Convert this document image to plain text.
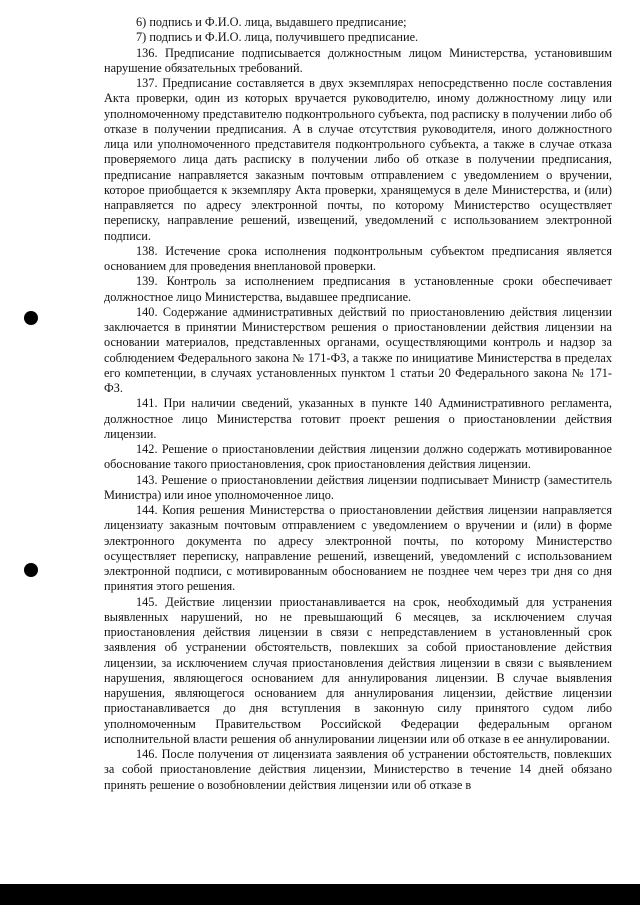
6) подпись и Ф.И.О. лица, выдавшего предписание;

7) подпись и Ф.И.О. лица, получившего предписание.

136. Предписание подписывается должностным лицом Министерства, установившим нарушение обязательных требований.

137. Предписание составляется в двух экземплярах непосредственно после составления Акта проверки, один из которых вручается руководителю, иному должностному лицу или уполномоченному представителю подконтрольного субъекта, под расписку в получении либо об отказе в получении предписания. А в случае отсутствия руководителя, иного должностного лица или уполномоченного представителя подконтрольного субъекта, а также в случае отказа проверяемого лица дать расписку в получении либо об отказе в получении предписания, предписание направляется заказным почтовым отправлением с уведомлением о вручении, которое приобщается к экземпляру Акта проверки, хранящемуся в деле Министерства, и (или) направляется по адресу электронной почты, по которому Министерство осуществляет переписку, направление решений, извещений, уведомлений с использованием электронной подписи.

138. Истечение срока исполнения подконтрольным субъектом предписания является основанием для проведения внеплановой проверки.

139. Контроль за исполнением предписания в установленные сроки обеспечивает должностное лицо Министерства, выдавшее предписание.

140. Содержание административных действий по приостановлению действия лицензии заключается в принятии Министерством решения о приостановлении действия лицензии на основании материалов, представленных органами, осуществляющими контроль и надзор за соблюдением Федерального закона № 171-ФЗ, а также по инициативе Министерства в пределах его компетенции, в случаях установленных пунктом 1 статьи 20 Федерального закона № 171-ФЗ.

141. При наличии сведений, указанных в пункте 140 Административного регламента, должностное лицо Министерства готовит проект решения о приостановлении действия лицензии.

142. Решение о приостановлении действия лицензии должно содержать мотивированное обоснование такого приостановления, срок приостановления действия лицензии.

143. Решение о приостановлении действия лицензии подписывает Министр (заместитель Министра) или иное уполномоченное лицо.

144. Копия решения Министерства о приостановлении действия лицензии направляется лицензиату заказным почтовым отправлением с уведомлением о вручении и (или) в форме электронного документа по адресу электронной почты, по которому Министерство осуществляет переписку, направление решений, извещений, уведомлений с использованием электронной подписи, с мотивированным обоснованием не позднее чем через три дня со дня принятия этого решения.

145. Действие лицензии приостанавливается на срок, необходимый для устранения выявленных нарушений, но не превышающий 6 месяцев, за исключением случая приостановления действия лицензии в связи с непредставлением в установленный срок заявления об устранении обстоятельств, повлекших за собой приостановление действия лицензии, за исключением случая приостановления действия лицензии в связи с выявлением нарушения, являющегося основанием для аннулирования лицензии. В случае выявления нарушения, являющегося основанием для аннулирования лицензии, действие лицензии приостанавливается до дня вступления в законную силу принятого судом либо уполномоченным Правительством Российской Федерации федеральным органом исполнительной власти решения об аннулировании лицензии или об отказе в ее аннулировании.

146. После получения от лицензиата заявления об устранении обстоятельств, повлекших за собой приостановление действия лицензии, Министерство в течение 14 дней обязано принять решение о возобновлении действия лицензии или об отказе в
